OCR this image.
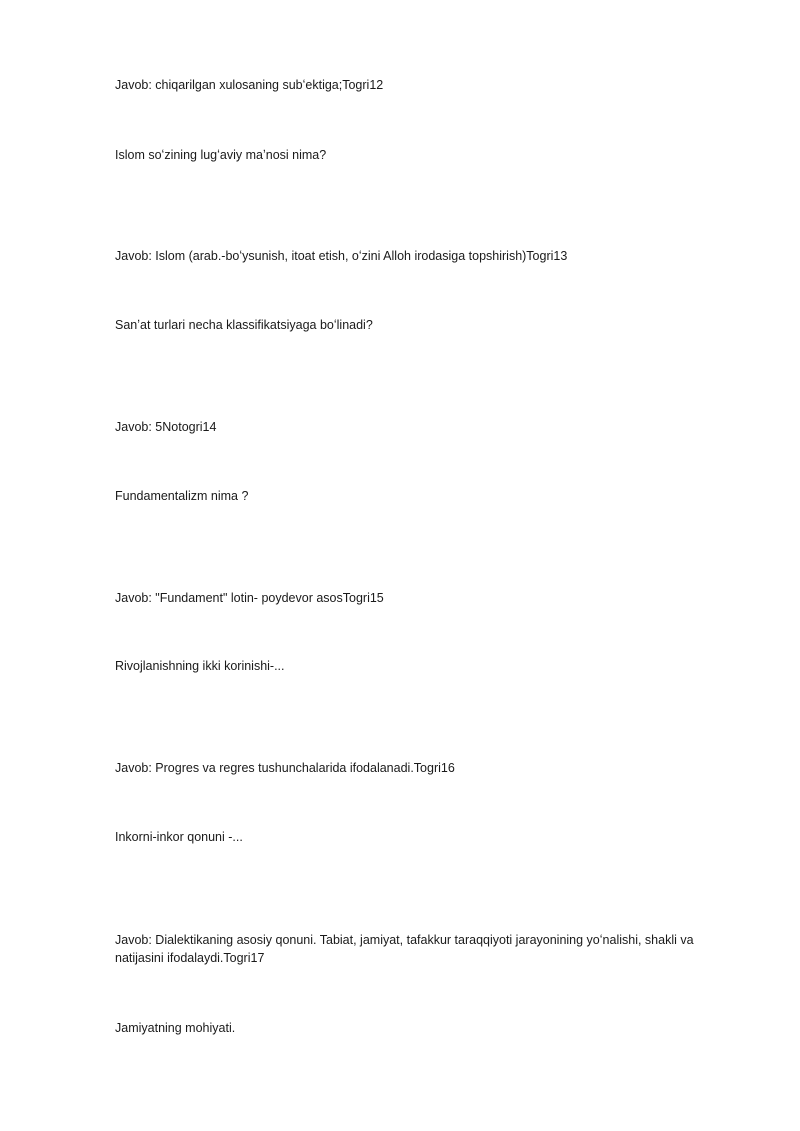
Javob: chiqarilgan xulosaning subʻektiga;Togri12
Islom soʻzining lugʻaviy maʼnosi nima?
Javob: Islom (arab.-boʻysunish, itoat etish, oʻzini Alloh irodasiga topshirish)Togri13
Sanʼat turlari necha klassifikatsiyaga boʻlinadi?
Javob: 5Notogri14
Fundamentalizm nima ?
Javob: "Fundament" lotin- poydevor asosTogri15
Rivojlanishning ikki korinishi-...
Javob: Progres va regres tushunchalarida ifodalanadi.Togri16
Inkorni-inkor qonuni -...
Javob: Dialektikaning asosiy qonuni. Tabiat, jamiyat, tafakkur taraqqiyoti jarayonining yoʻnalishi, shakli va natijasini ifodalaydi.Togri17
Jamiyatning mohiyati.
